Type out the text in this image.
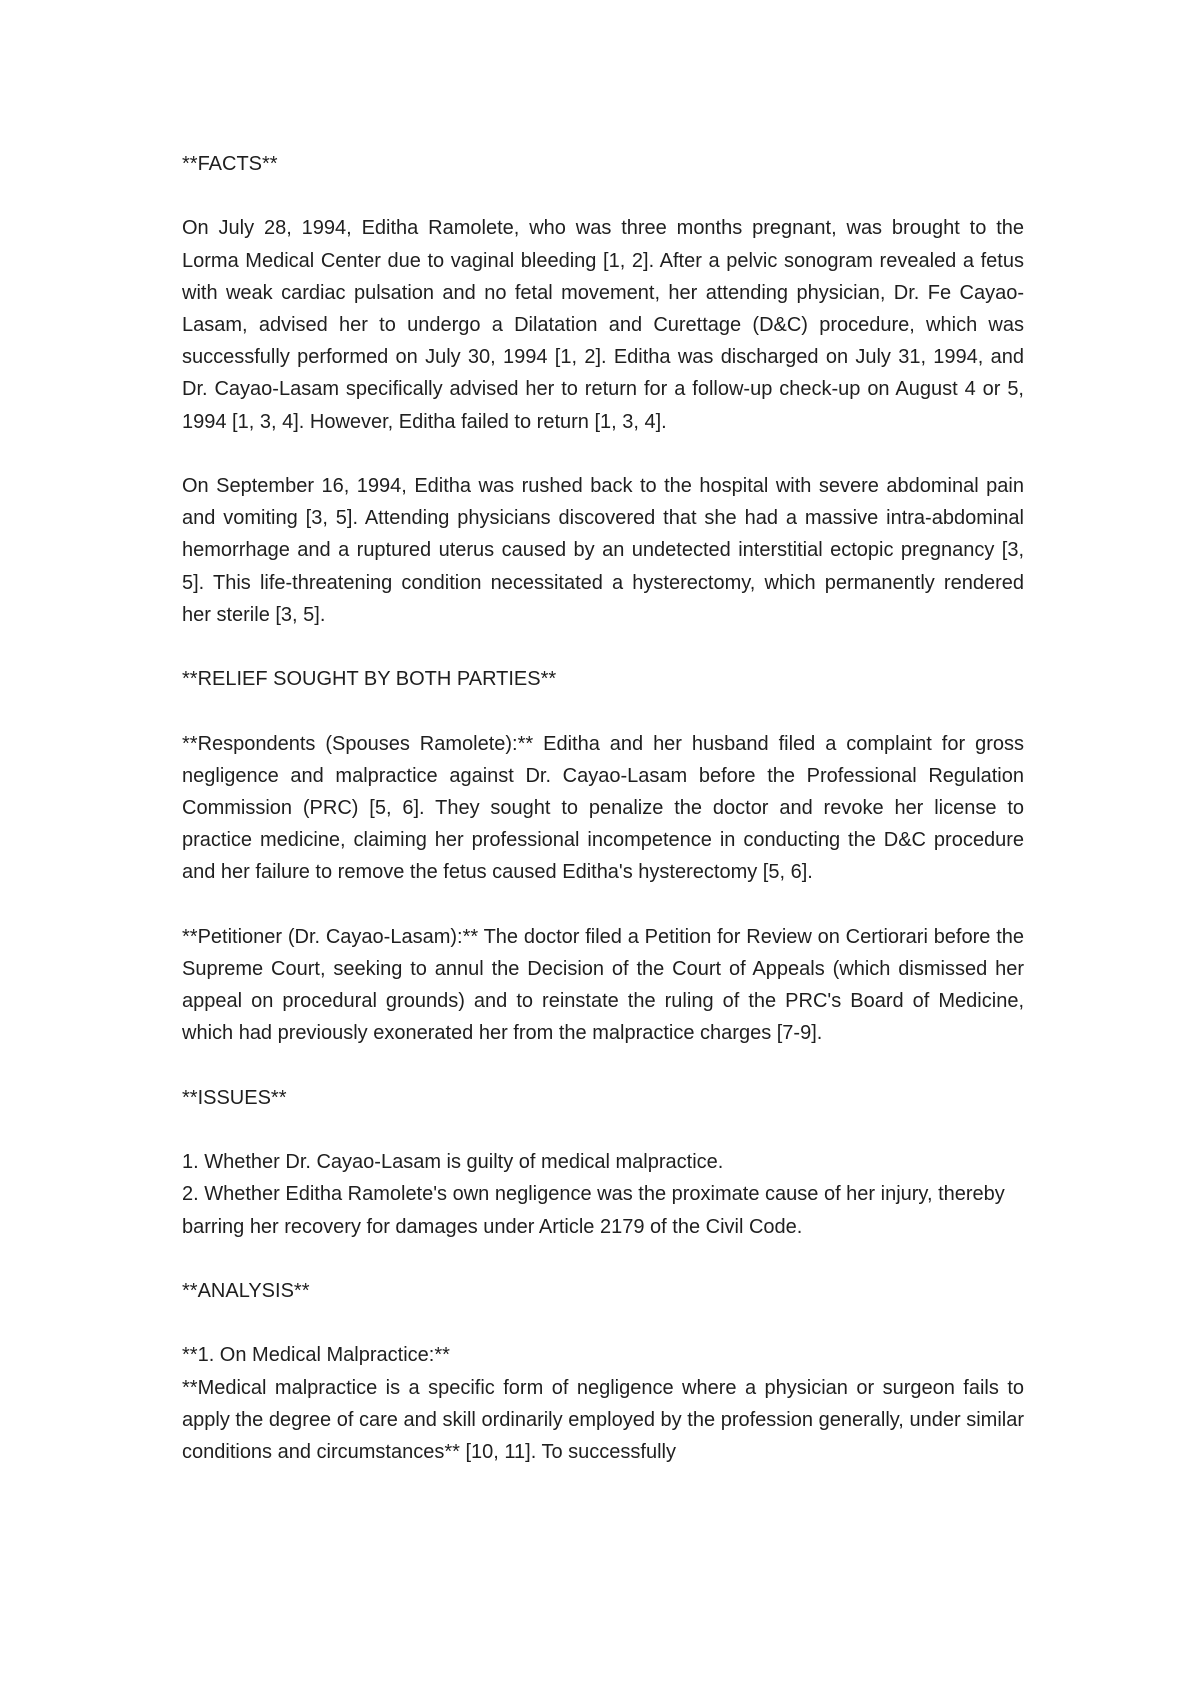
**FACTS**

On July 28, 1994, Editha Ramolete, who was three months pregnant, was brought to the Lorma Medical Center due to vaginal bleeding [1, 2]. After a pelvic sonogram revealed a fetus with weak cardiac pulsation and no fetal movement, her attending physician, Dr. Fe Cayao-Lasam, advised her to undergo a Dilatation and Curettage (D&C) procedure, which was successfully performed on July 30, 1994 [1, 2]. Editha was discharged on July 31, 1994, and Dr. Cayao-Lasam specifically advised her to return for a follow-up check-up on August 4 or 5, 1994 [1, 3, 4]. However, Editha failed to return [1, 3, 4].

On September 16, 1994, Editha was rushed back to the hospital with severe abdominal pain and vomiting [3, 5]. Attending physicians discovered that she had a massive intra-abdominal hemorrhage and a ruptured uterus caused by an undetected interstitial ectopic pregnancy [3, 5]. This life-threatening condition necessitated a hysterectomy, which permanently rendered her sterile [3, 5].

**RELIEF SOUGHT BY BOTH PARTIES**

**Respondents (Spouses Ramolete):** Editha and her husband filed a complaint for gross negligence and malpractice against Dr. Cayao-Lasam before the Professional Regulation Commission (PRC) [5, 6]. They sought to penalize the doctor and revoke her license to practice medicine, claiming her professional incompetence in conducting the D&C procedure and her failure to remove the fetus caused Editha's hysterectomy [5, 6].

**Petitioner (Dr. Cayao-Lasam):** The doctor filed a Petition for Review on Certiorari before the Supreme Court, seeking to annul the Decision of the Court of Appeals (which dismissed her appeal on procedural grounds) and to reinstate the ruling of the PRC's Board of Medicine, which had previously exonerated her from the malpractice charges [7-9].

**ISSUES**

1. Whether Dr. Cayao-Lasam is guilty of medical malpractice.

2. Whether Editha Ramolete's own negligence was the proximate cause of her injury, thereby barring her recovery for damages under Article 2179 of the Civil Code.

**ANALYSIS**

**1. On Medical Malpractice:**

**Medical malpractice is a specific form of negligence where a physician or surgeon fails to apply the degree of care and skill ordinarily employed by the profession generally, under similar conditions and circumstances** [10, 11]. To successfully
